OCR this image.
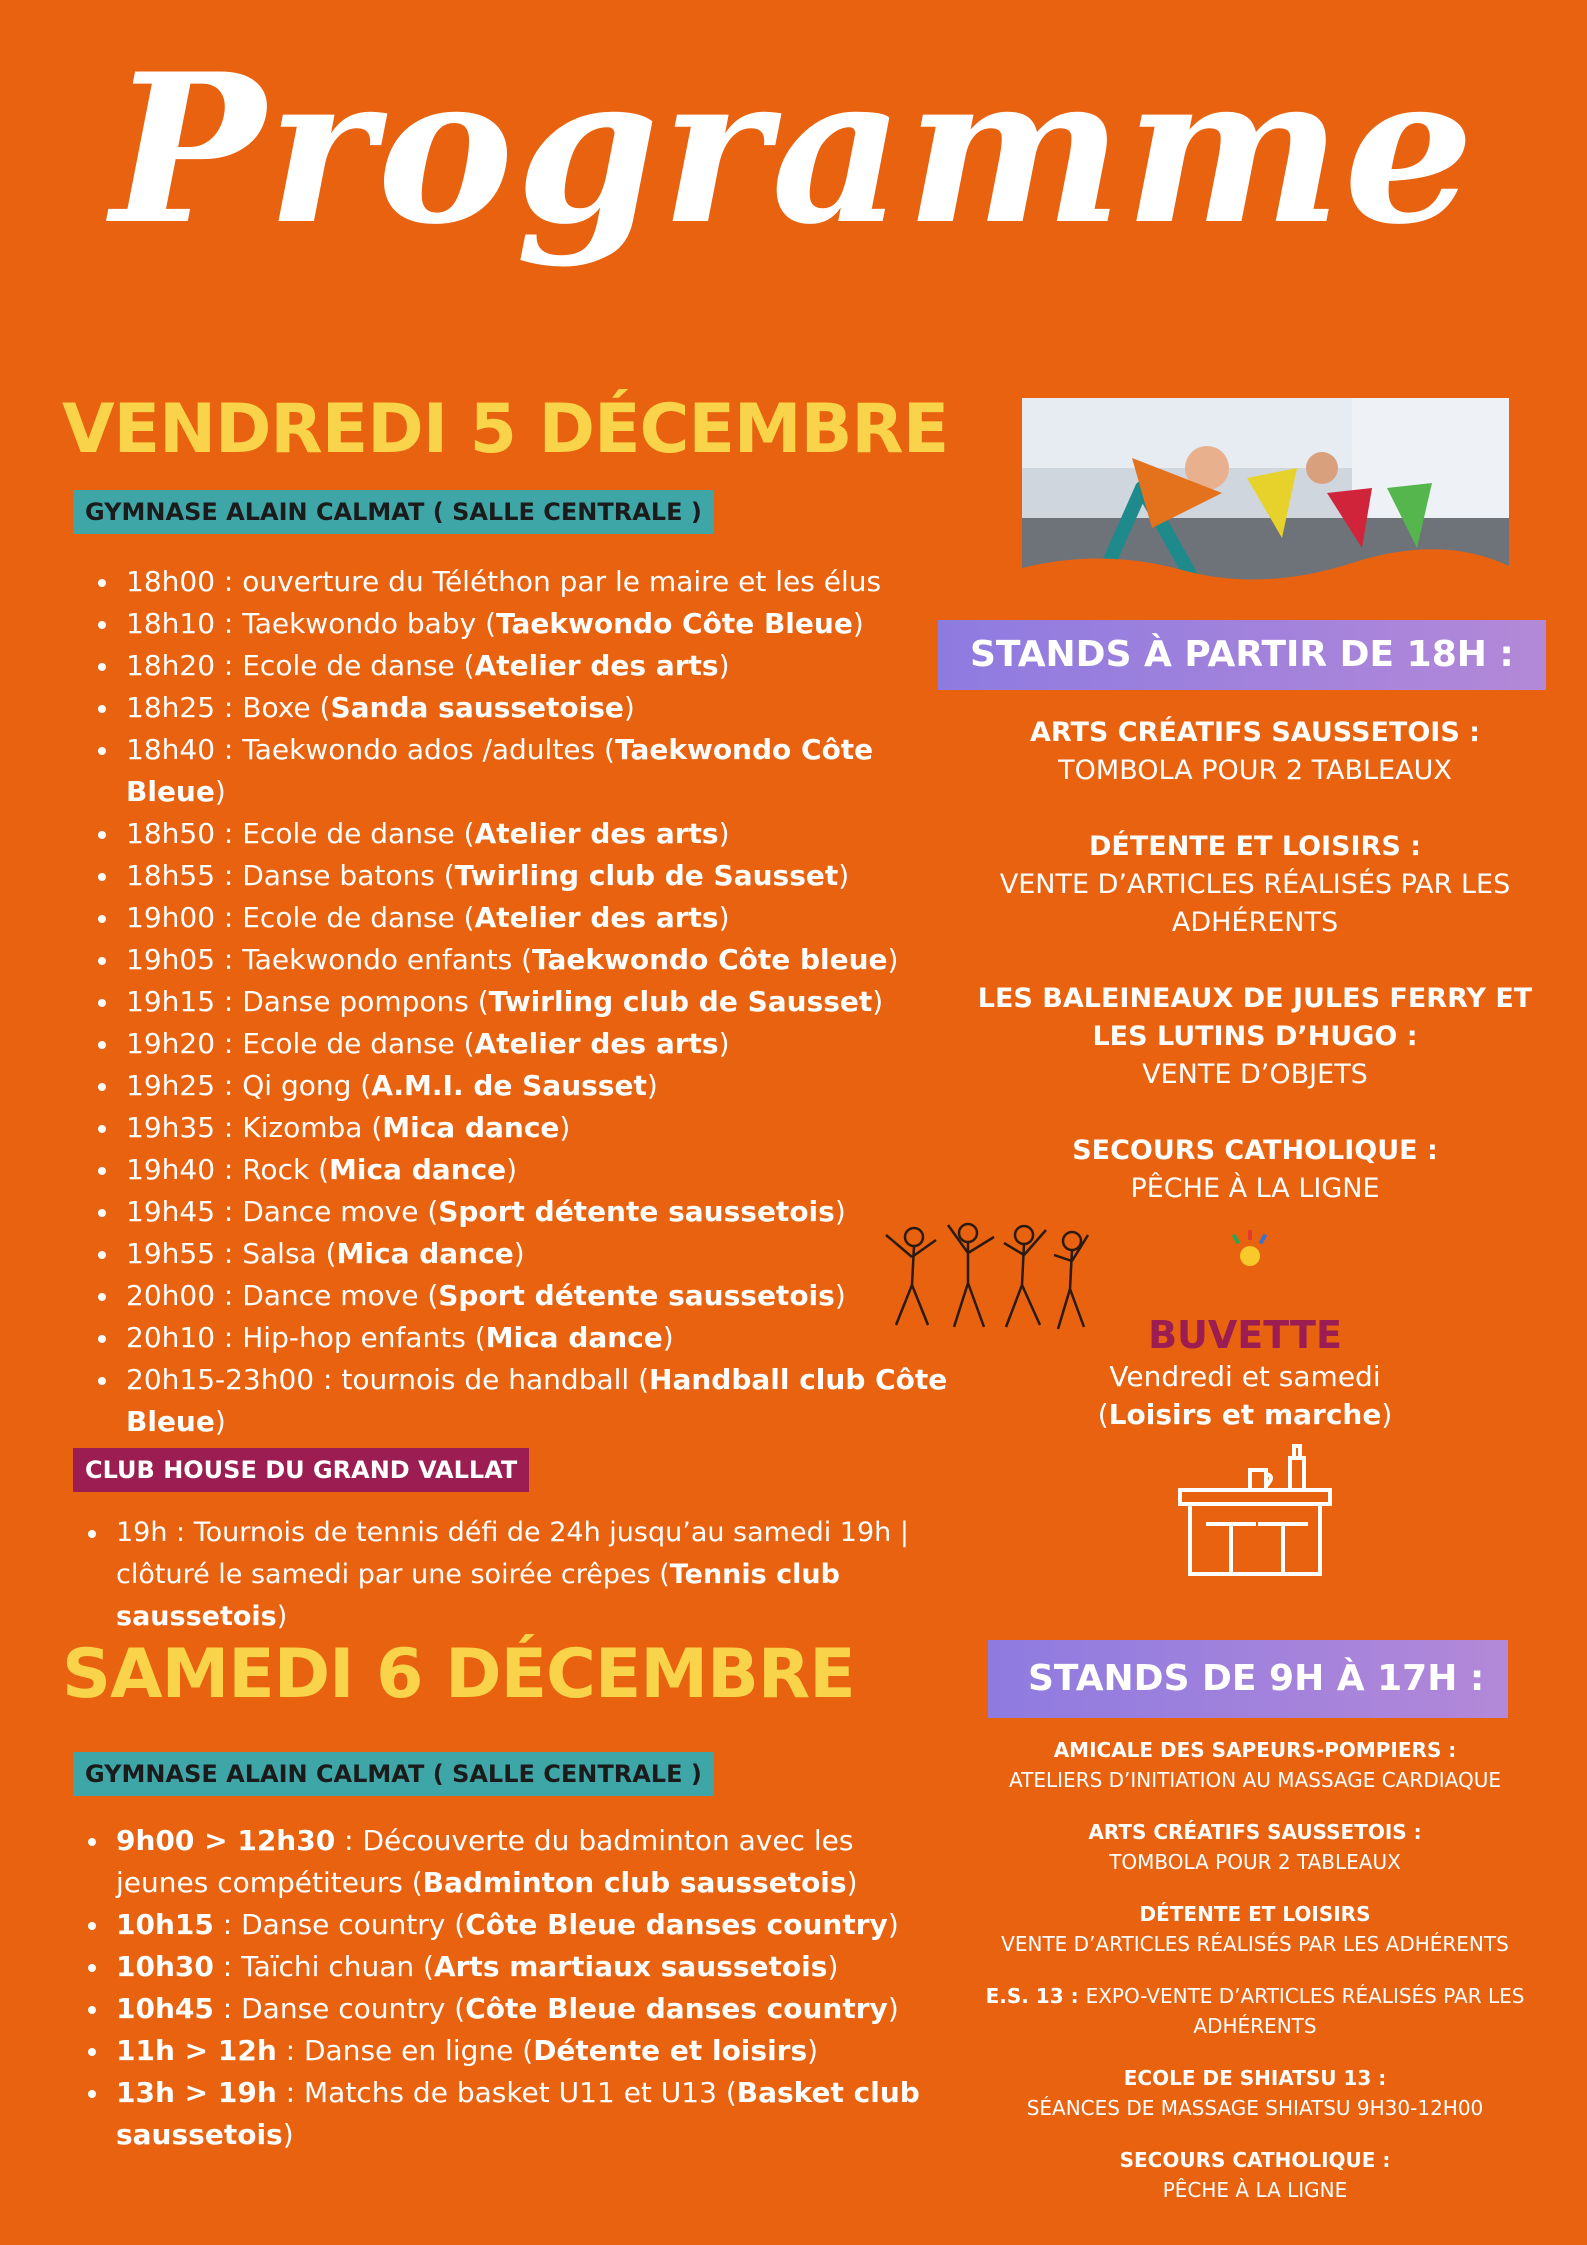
Programme
VENDREDI 5 DÉCEMBRE
GYMNASE ALAIN CALMAT ( SALLE CENTRALE )
18h00 : ouverture du Téléthon par le maire et les élus
18h10 : Taekwondo baby (Taekwondo Côte Bleue)
18h20 : Ecole de danse (Atelier des arts)
18h25 : Boxe (Sanda saussetoise)
18h40 : Taekwondo ados /adultes (Taekwondo Côte Bleue)
18h50 : Ecole de danse (Atelier des arts)
18h55 : Danse batons (Twirling club de Sausset)
19h00 : Ecole de danse (Atelier des arts)
19h05 : Taekwondo enfants (Taekwondo Côte bleue)
19h15 : Danse pompons (Twirling club de Sausset)
19h20 : Ecole de danse (Atelier des arts)
19h25 : Qi gong (A.M.I. de Sausset)
19h35 : Kizomba (Mica dance)
19h40 : Rock (Mica dance)
19h45 : Dance move (Sport détente saussetois)
19h55 : Salsa (Mica dance)
20h00 : Dance move (Sport détente saussetois)
20h10 : Hip-hop enfants (Mica dance)
20h15-23h00 : tournois de handball (Handball club Côte Bleue)
CLUB HOUSE DU GRAND VALLAT
19h : Tournois de tennis défi de 24h jusqu’au samedi 19h | clôturé le samedi par une soirée crêpes (Tennis club saussetois)
SAMEDI 6 DÉCEMBRE
GYMNASE ALAIN CALMAT ( SALLE CENTRALE )
9h00 > 12h30 : Découverte du badminton avec les jeunes compétiteurs (Badminton club saussetois)
10h15 : Danse country (Côte Bleue danses country)
10h30 : Taïchi chuan (Arts martiaux saussetois)
10h45 : Danse country (Côte Bleue danses country)
11h > 12h : Danse en ligne (Détente et loisirs)
13h > 19h : Matchs de basket U11 et U13 (Basket club saussetois)
STANDS À PARTIR DE 18H :
ARTS CRÉATIFS SAUSSETOIS :
TOMBOLA POUR 2 TABLEAUX
DÉTENTE ET LOISIRS :
VENTE D’ARTICLES RÉALISÉS PAR LES ADHÉRENTS
LES BALEINEAUX DE JULES FERRY ET LES LUTINS D’HUGO :
VENTE D’OBJETS
SECOURS CATHOLIQUE :
PÊCHE À LA LIGNE
BUVETTE
Vendredi et samedi
(Loisirs et marche)
STANDS DE 9H À 17H :
AMICALE DES SAPEURS-POMPIERS :
ATELIERS D’INITIATION AU MASSAGE CARDIAQUE
ARTS CRÉATIFS SAUSSETOIS :
TOMBOLA POUR 2 TABLEAUX
DÉTENTE ET LOISIRS
VENTE D’ARTICLES RÉALISÉS PAR LES ADHÉRENTS
E.S. 13 : EXPO-VENTE D’ARTICLES RÉALISÉS PAR LES ADHÉRENTS
ECOLE DE SHIATSU 13 :
SÉANCES DE MASSAGE SHIATSU 9H30-12H00
SECOURS CATHOLIQUE :
PÊCHE À LA LIGNE
